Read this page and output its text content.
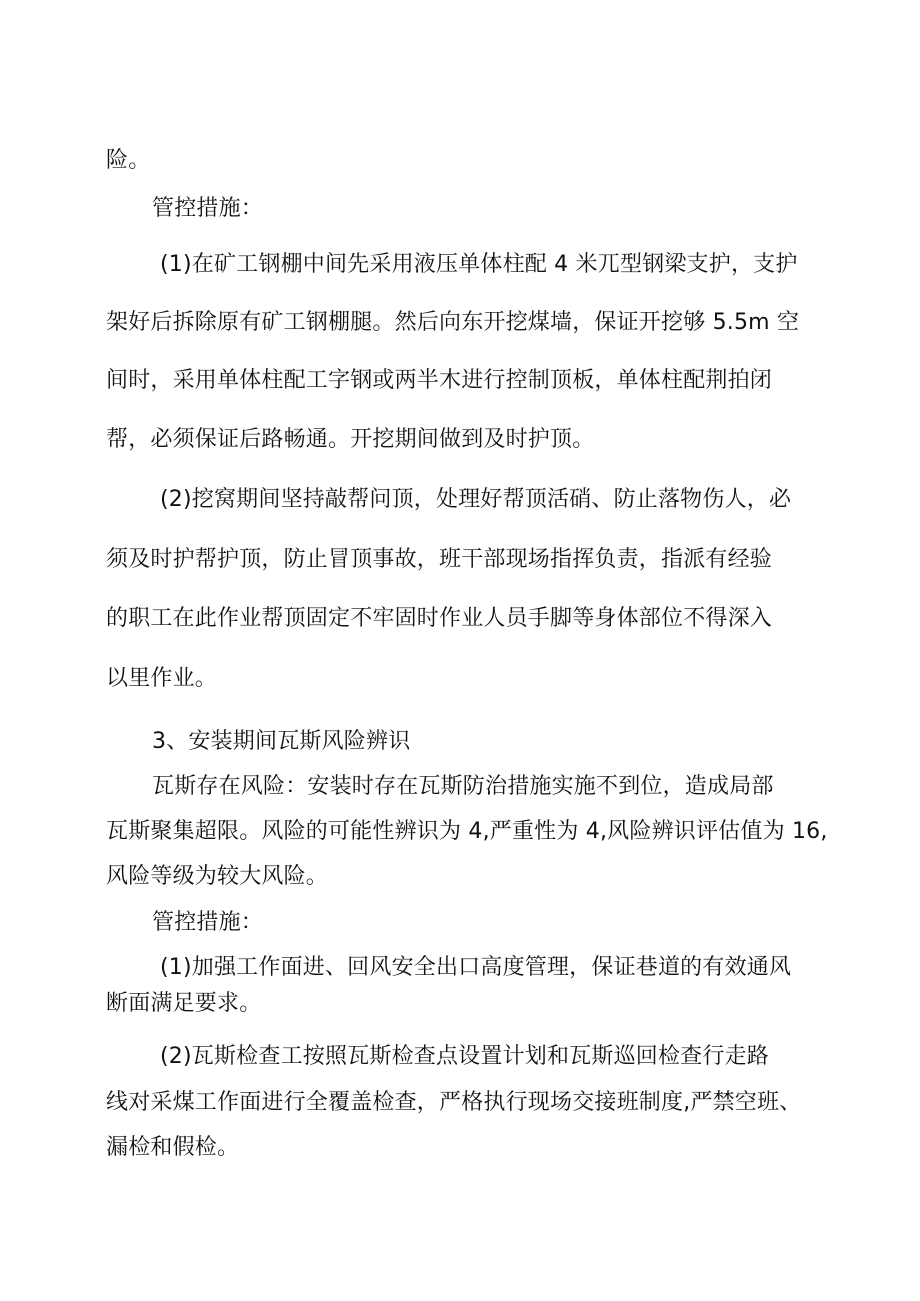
险。
管控措施：
(1)在矿工钢棚中间先采用液压单体柱配 4 米兀型钢梁支护，支护
架好后拆除原有矿工钢棚腿。然后向东开挖煤墙，保证开挖够 5.5m 空
间时，采用单体柱配工字钢或两半木进行控制顶板，单体柱配荆拍闭
帮，必须保证后路畅通。开挖期间做到及时护顶。
(2)挖窝期间坚持敲帮问顶，处理好帮顶活硝、防止落物伤人，必
须及时护帮护顶，防止冒顶事故，班干部现场指挥负责，指派有经验
的职工在此作业帮顶固定不牢固时作业人员手脚等身体部位不得深入
以里作业。
3、安装期间瓦斯风险辨识
瓦斯存在风险：安装时存在瓦斯防治措施实施不到位，造成局部
瓦斯聚集超限。风险的可能性辨识为 4,严重性为 4,风险辨识评估值为 16,
风险等级为较大风险。
管控措施：
(1)加强工作面进、回风安全出口高度管理，保证巷道的有效通风
断面满足要求。
(2)瓦斯检查工按照瓦斯检查点设置计划和瓦斯巡回检查行走路
线对采煤工作面进行全覆盖检查，严格执行现场交接班制度,严禁空班、
漏检和假检。
